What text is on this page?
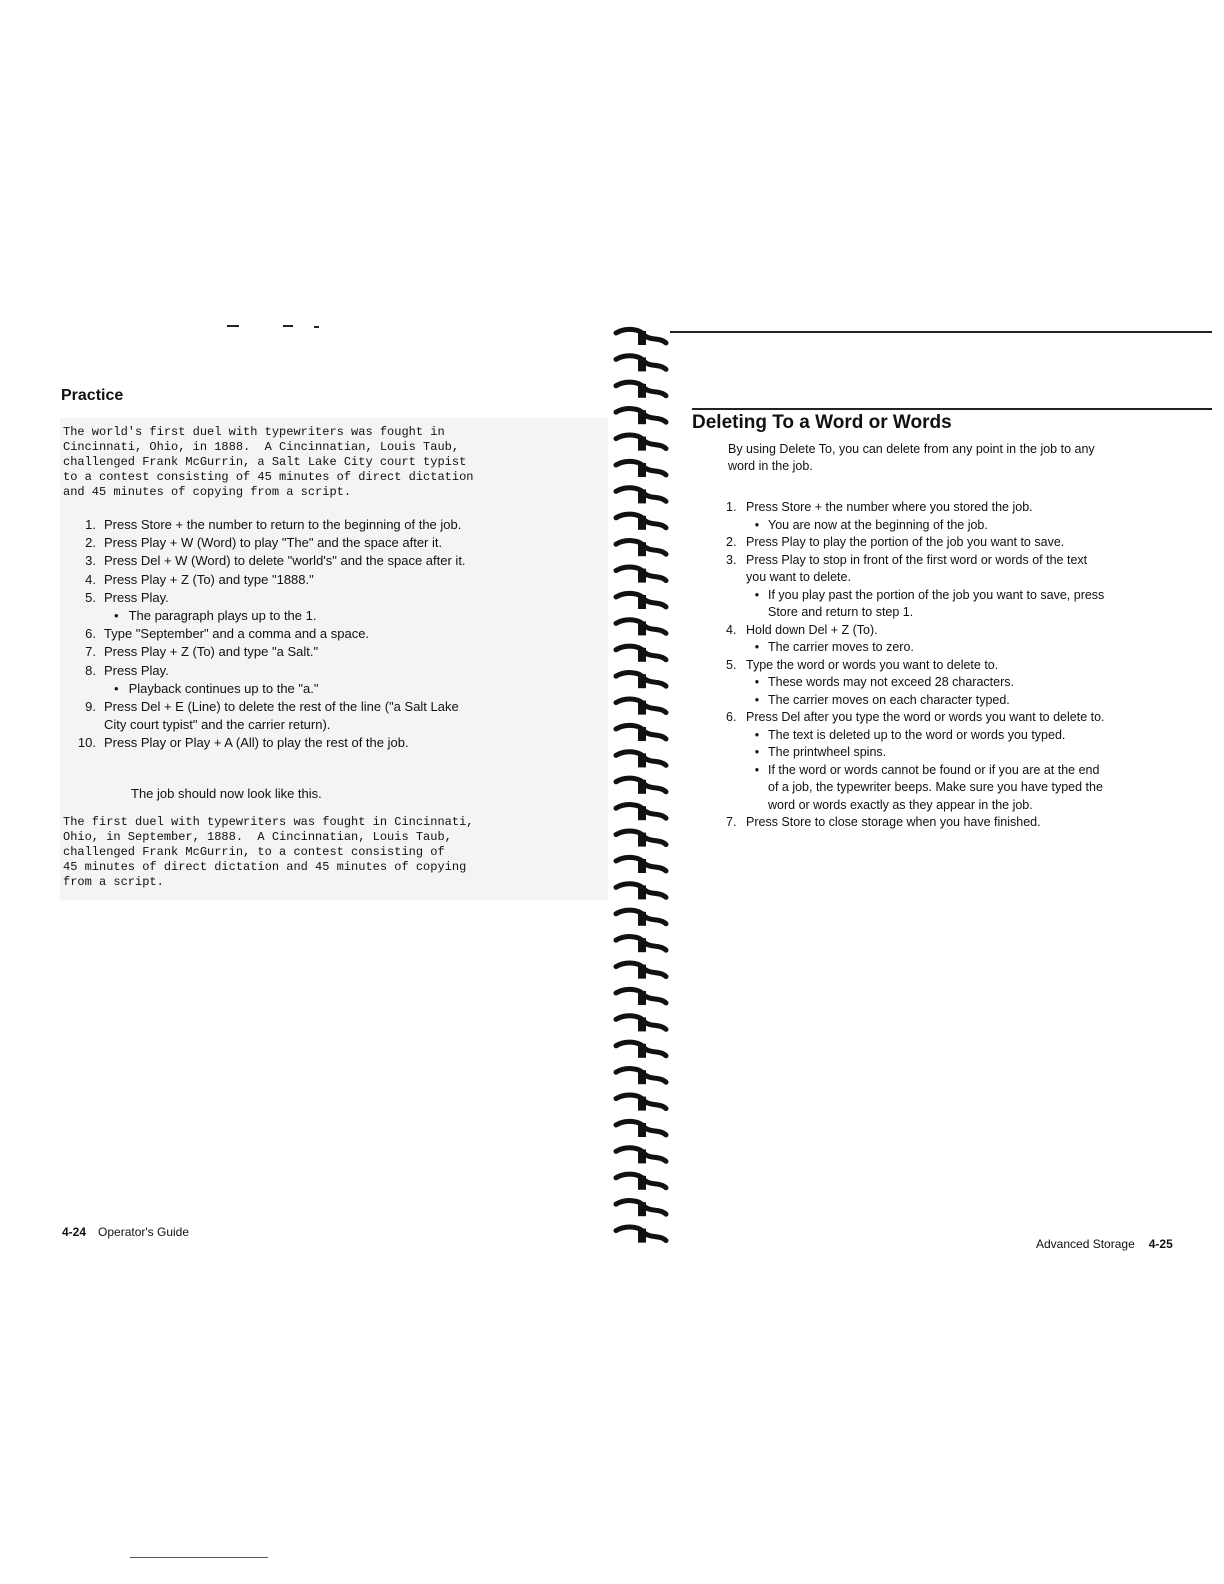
Practice
The world's first duel with typewriters was fought in
Cincinnati, Ohio, in 1888.  A Cincinnatian, Louis Taub,
challenged Frank McGurrin, a Salt Lake City court typist
to a contest consisting of 45 minutes of direct dictation
and 45 minutes of copying from a script.
1. Press Store + the number to return to the beginning of the job.
2. Press Play + W (Word) to play "The" and the space after it.
3. Press Del + W (Word) to delete "world's" and the space after it.
4. Press Play + Z (To) and type "1888."
5. Press Play.
• The paragraph plays up to the 1.
6. Type "September" and a comma and a space.
7. Press Play + Z (To) and type "a Salt."
8. Press Play.
• Playback continues up to the "a."
9. Press Del + E (Line) to delete the rest of the line ("a Salt Lake
City court typist" and the carrier return).
10. Press Play or Play + A (All) to play the rest of the job.
The job should now look like this.
The first duel with typewriters was fought in Cincinnati,
Ohio, in September, 1888.  A Cincinnatian, Louis Taub,
challenged Frank McGurrin, to a contest consisting of
45 minutes of direct dictation and 45 minutes of copying
from a script.
4-24 Operator's Guide
Deleting To a Word or Words
By using Delete To, you can delete from any point in the job to any
word in the job.
1. Press Store + the number where you stored the job.
• You are now at the beginning of the job.
2. Press Play to play the portion of the job you want to save.
3. Press Play to stop in front of the first word or words of the text
you want to delete.
• If you play past the portion of the job you want to save, press
Store and return to step 1.
4. Hold down Del + Z (To).
• The carrier moves to zero.
5. Type the word or words you want to delete to.
• These words may not exceed 28 characters.
• The carrier moves on each character typed.
6. Press Del after you type the word or words you want to delete to.
• The text is deleted up to the word or words you typed.
• The printwheel spins.
• If the word or words cannot be found or if you are at the end
of a job, the typewriter beeps. Make sure you have typed the
word or words exactly as they appear in the job.
7. Press Store to close storage when you have finished.
Advanced Storage 4-25
